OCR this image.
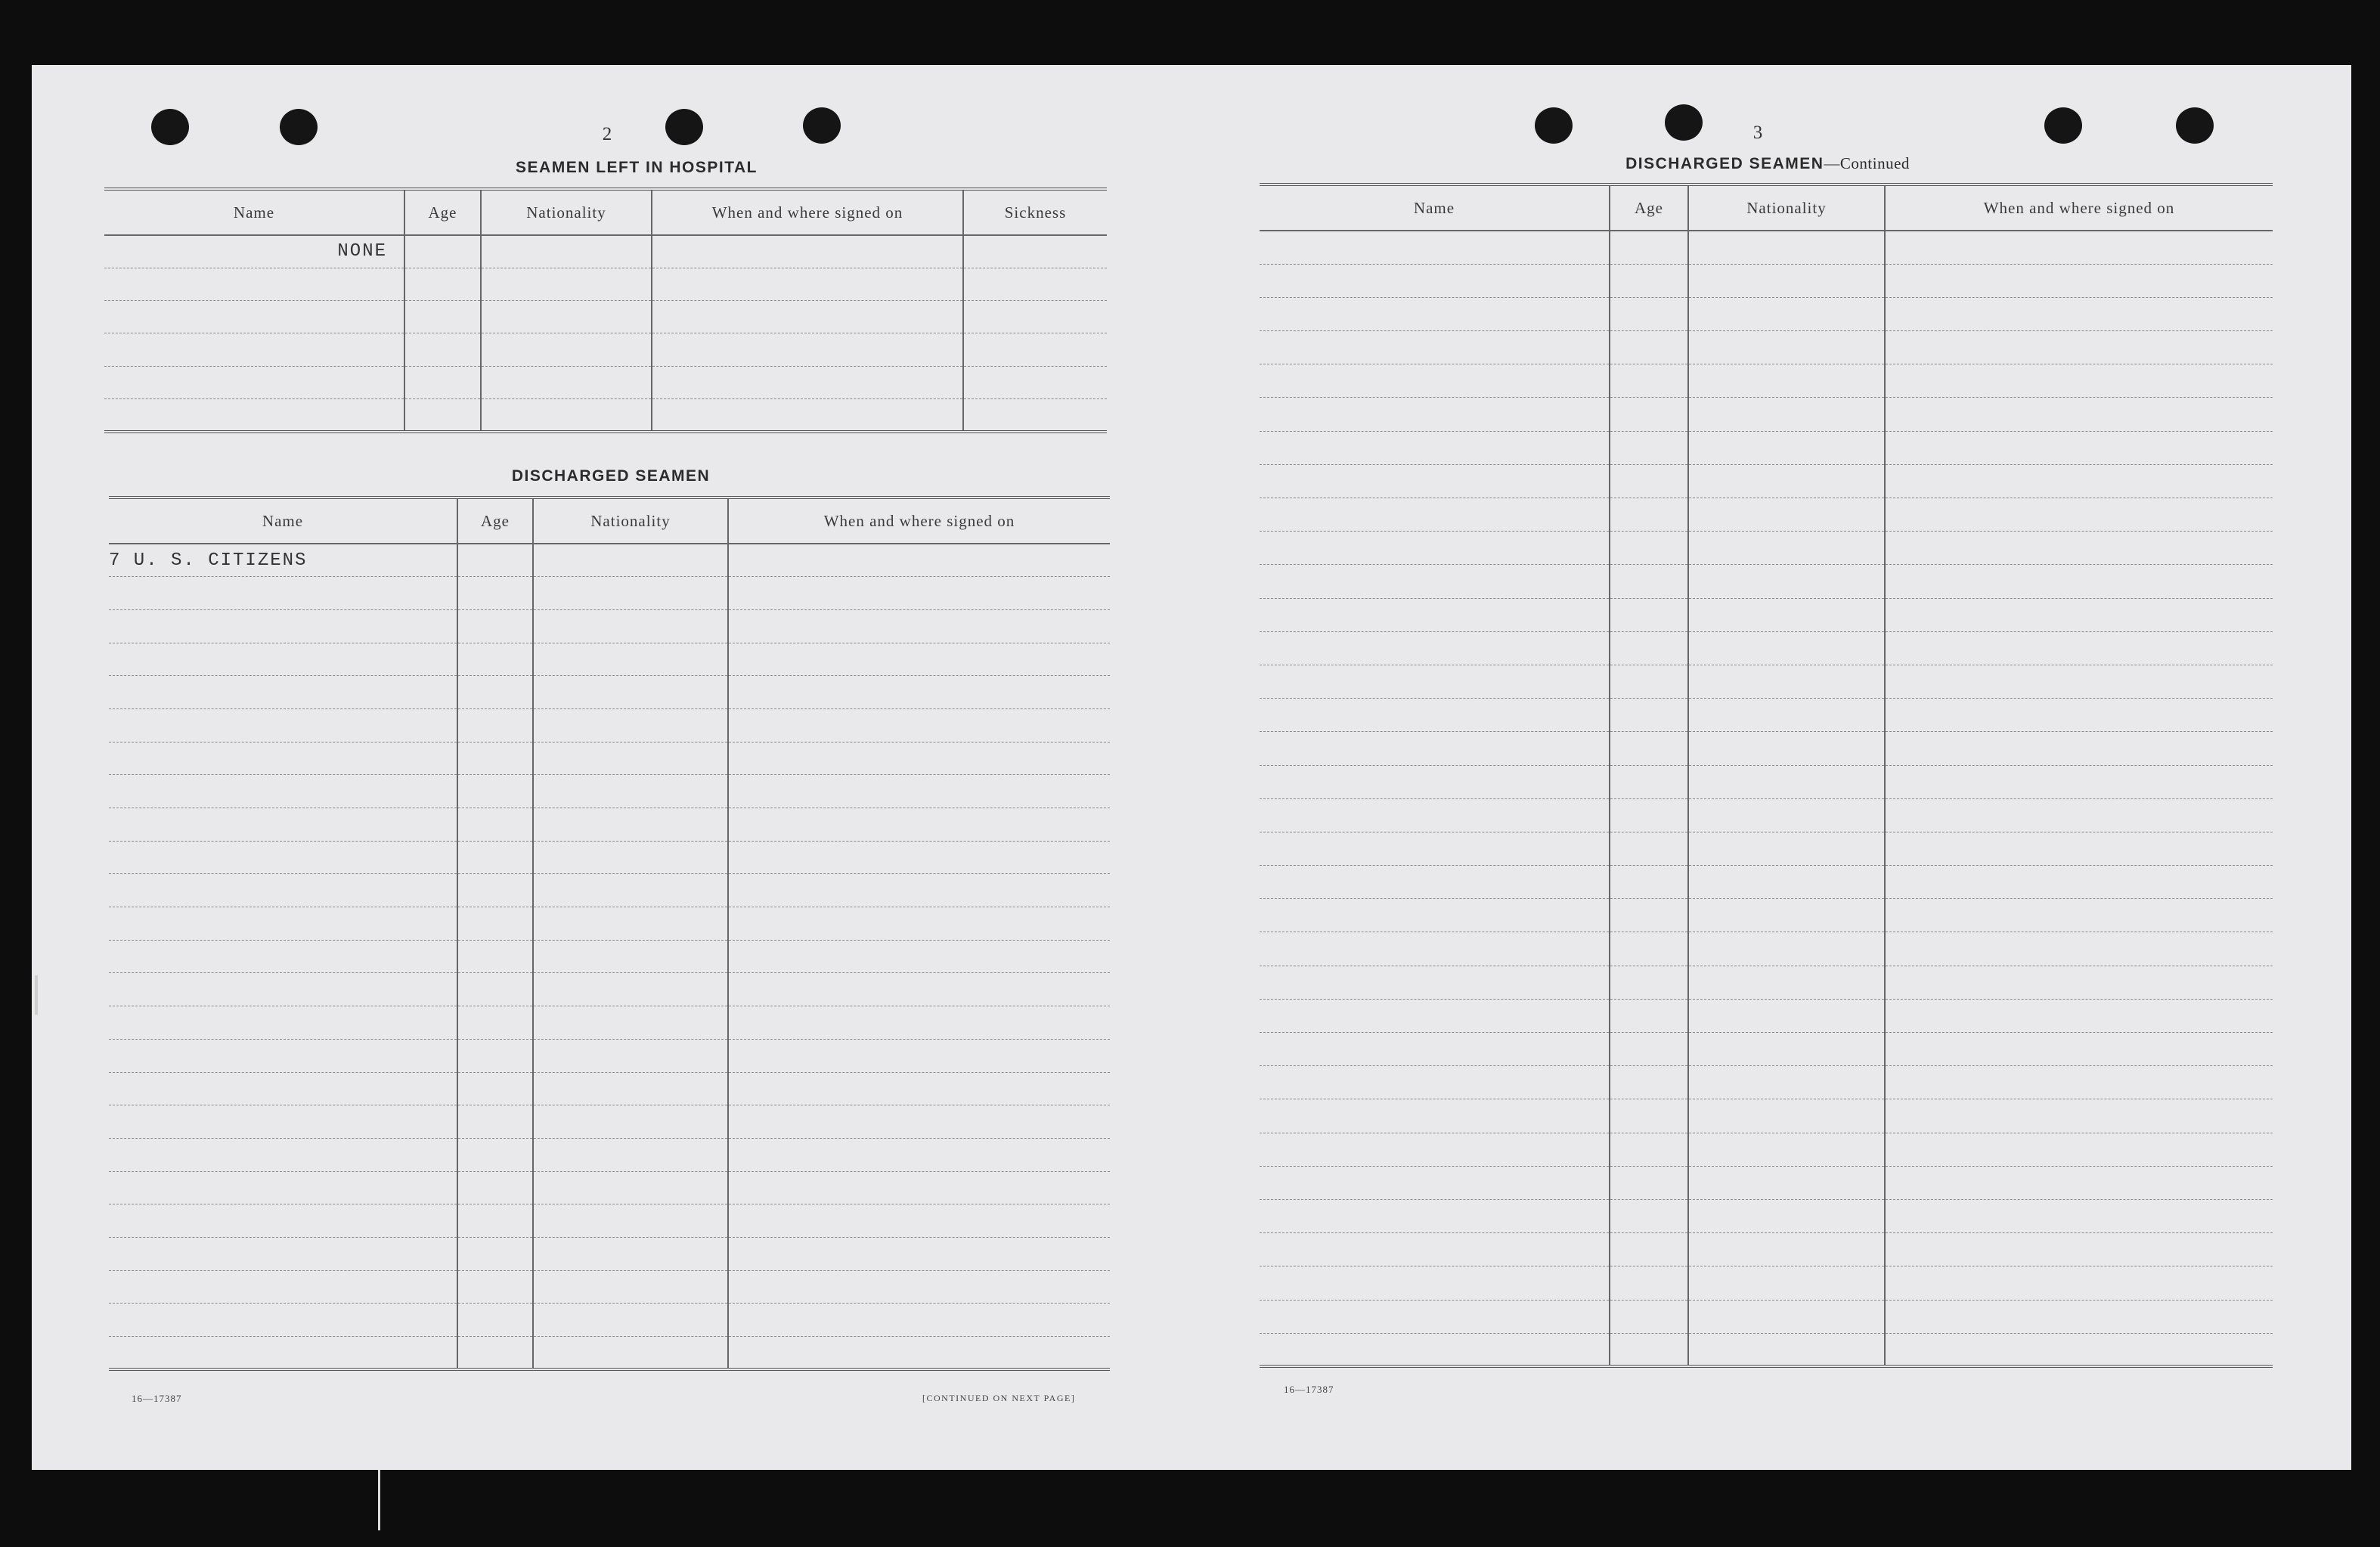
2
SEAMEN LEFT IN HOSPITAL
Name	Age	Nationality	When and where signed on	Sickness
NONE				

DISCHARGED SEAMEN
Name	Age	Nationality	When and where signed on
7 U. S. CITIZENS			

16—17387	[CONTINUED ON NEXT PAGE]
3
DISCHARGED SEAMEN—Continued
Name	Age	Nationality	When and where signed on

16—17387
